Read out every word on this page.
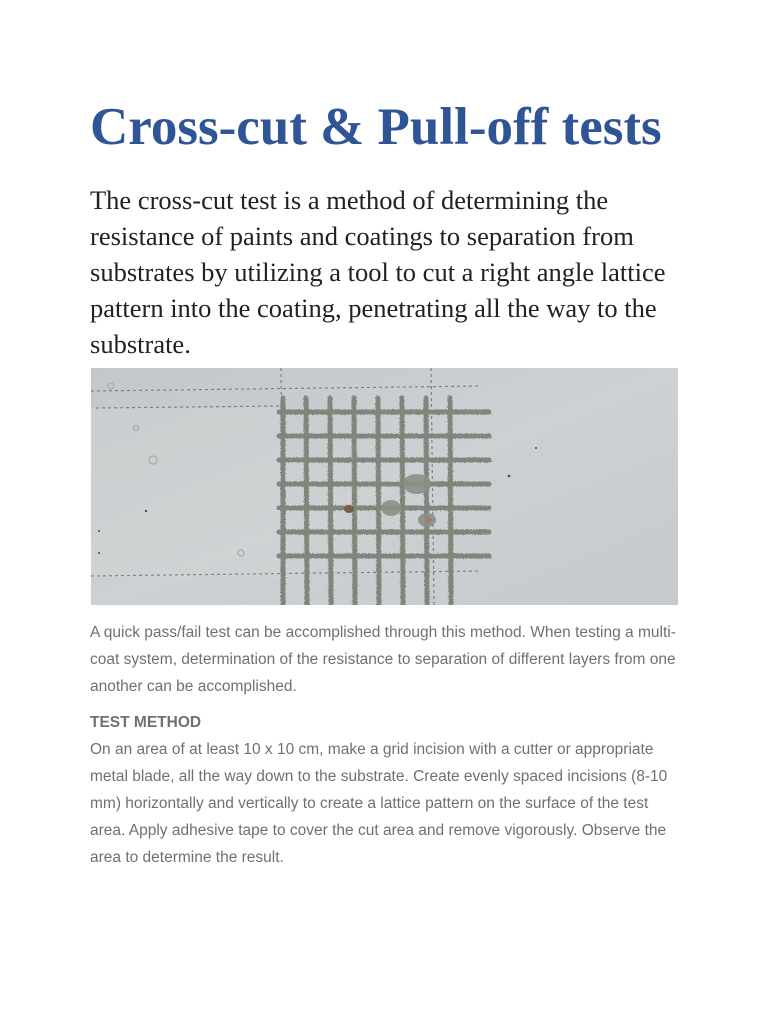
Cross-cut & Pull-off tests

The cross-cut test is a method of determining the resistance of paints and coatings to separation from substrates by utilizing a tool to cut a right angle lattice pattern into the coating, penetrating all the way to the substrate.

A quick pass/fail test can be accomplished through this method. When testing a multi-coat system, determination of the resistance to separation of different layers from one another can be accomplished.

TEST METHOD

On an area of at least 10 x 10 cm, make a grid incision with a cutter or appropriate metal blade, all the way down to the substrate. Create evenly spaced incisions (8-10 mm) horizontally and vertically to create a lattice pattern on the surface of the test area. Apply adhesive tape to cover the cut area and remove vigorously. Observe the area to determine the result.
